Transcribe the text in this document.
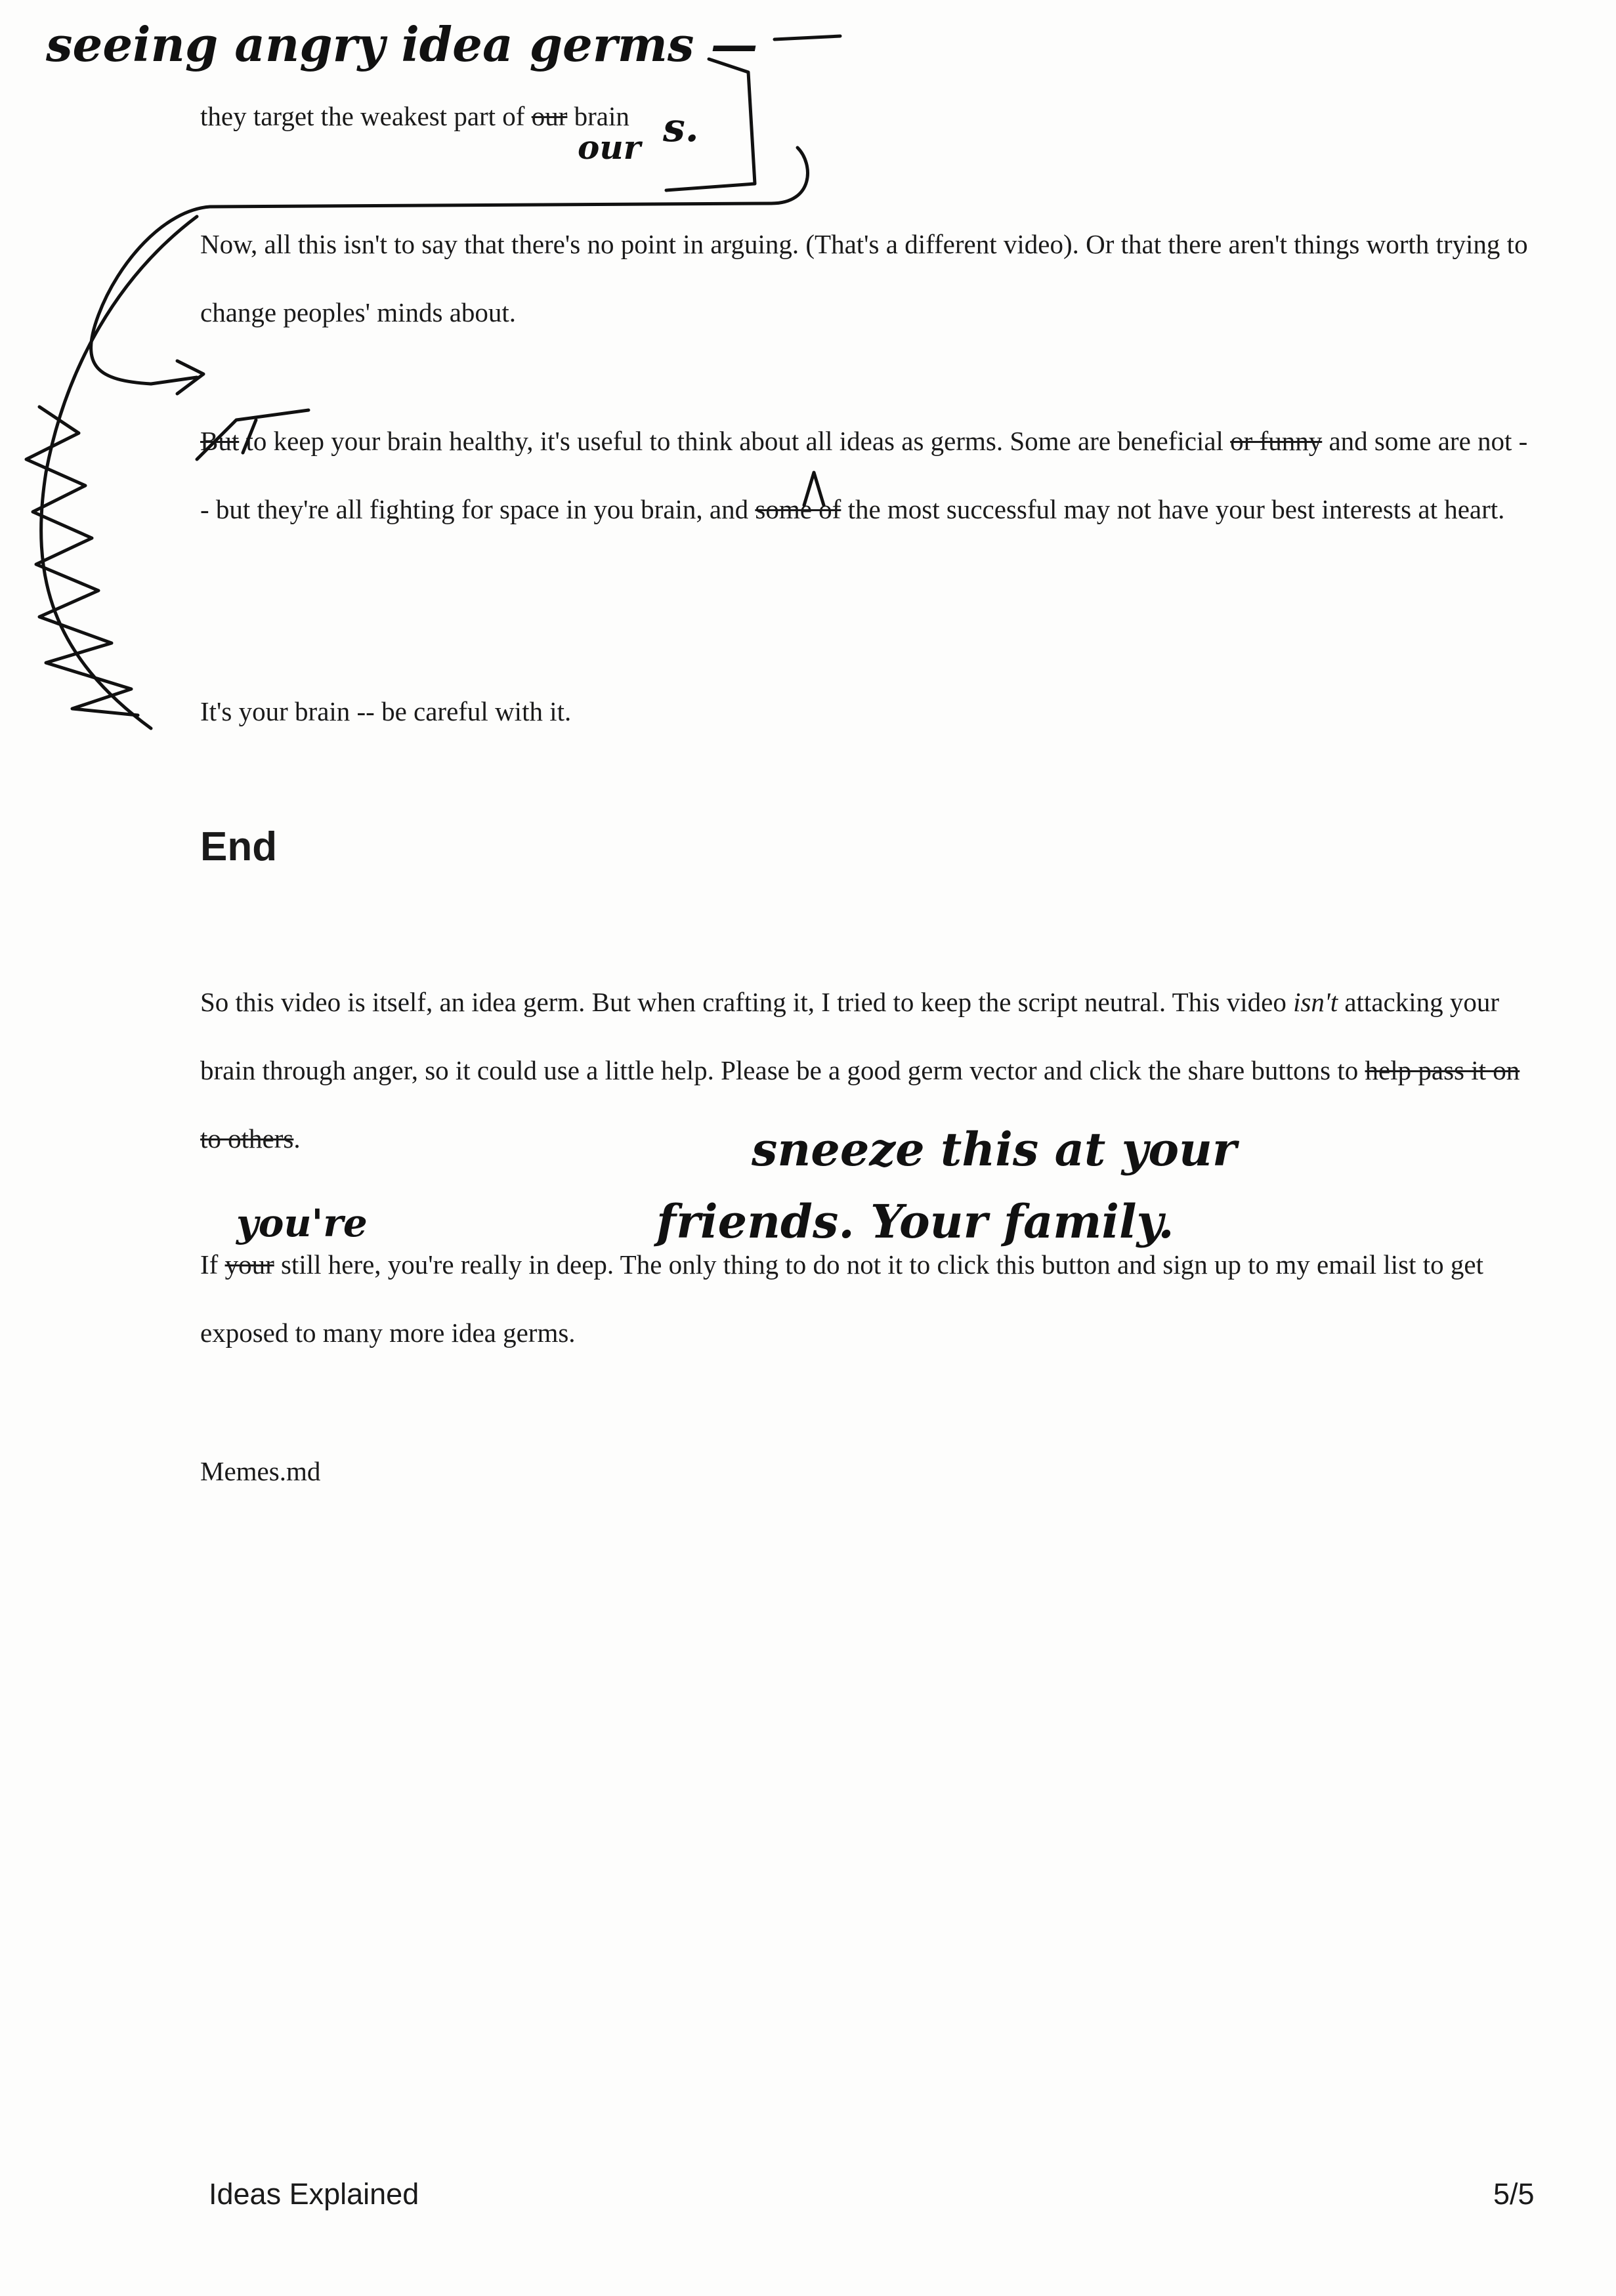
seeing angry idea germs —
our s.
sneeze this at your
friends. Your family.
you're

they target the weakest part of our brain

Now, all this isn't to say that there's no point in arguing. (That's a different video). Or that there aren't things worth trying to change peoples' minds about.

But to keep your brain healthy, it's useful to think about all ideas as germs. Some are beneficial or funny and some are not -- but they're all fighting for space in you brain, and some of the most successful may not have your best interests at heart.

It's your brain -- be careful with it.

End

So this video is itself, an idea germ. But when crafting it, I tried to keep the script neutral. This video isn't attacking your brain through anger, so it could use a little help. Please be a good germ vector and click the share buttons to help pass it on to others.

If your still here, you're really in deep. The only thing to do not it to click this button and sign up to my email list to get exposed to many more idea germs.

Memes.md

Ideas Explained	5/5
